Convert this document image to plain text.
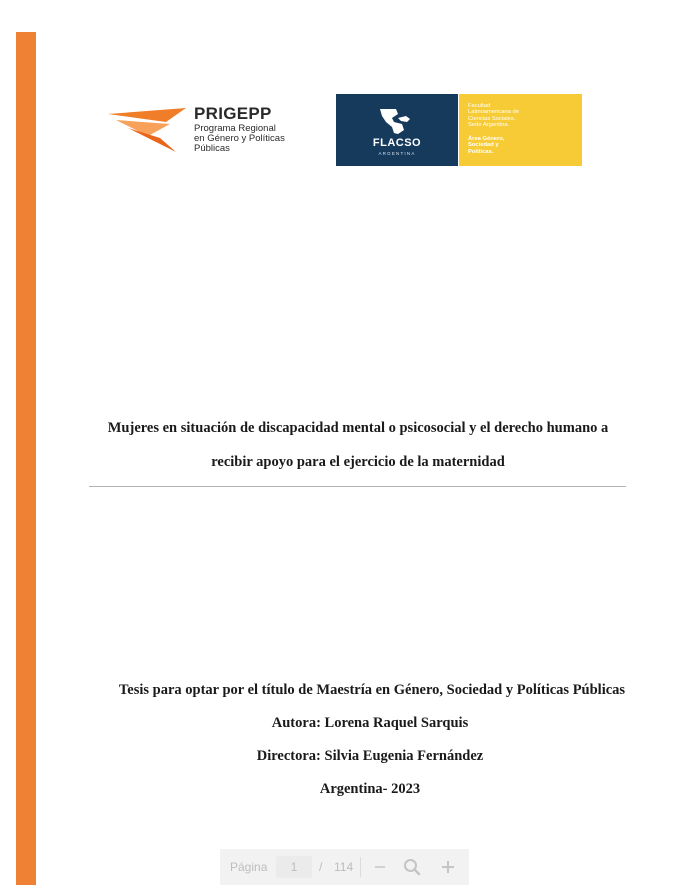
PRIGEPP
Programa Regional
en Género y Políticas
Públicas	FLACSO
ARGENTINA
Facultad
Latinoamericana de
Ciencias Sociales.
Sede Argentina.
Área Género,
Sociedad y
Políticas.
Mujeres en situación de discapacidad mental o psicosocial y el derecho humano a
recibir apoyo para el ejercicio de la maternidad
Tesis para optar por el título de Maestría en Género, Sociedad y Políticas Públicas
Autora: Lorena Raquel Sarquis
Directora: Silvia Eugenia Fernández
Argentina- 2023
Página	1	/ 114
